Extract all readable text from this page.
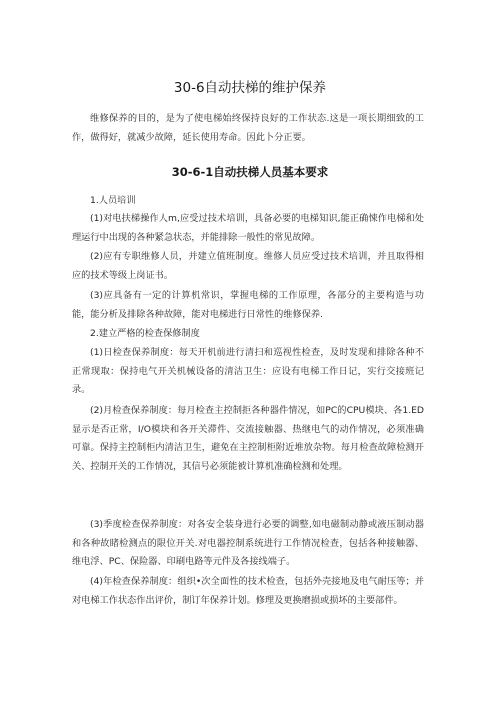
30-6自动扶梯的维护保养

维修保养的目的，是为了使电梯始终保持良好的工作状态.这是一项长期细致的工作，做得好，就减少故障，延长使用寿命。因此卜分正要。

30-6-1自动扶梯人员基本要求

1.人员培训

(1)对电扶梯操作人m,应受过技术培训，具备必要的电梯知识,能正确悚作电梯和处理运行中出现的各种紧急状态，并能排除一般性的常见故障。

(2)应有专职维修人员，并建立值班制度。维修人员应受过技术培训，并且取得相应的技术等级上岗证书。

(3)应具备有一定的计算机常识，掌握电梯的工作原理，各部分的主要构造与功能，能分析及排除各种故障，能对电梯进行日常性的维修保养.

2.建立严格的检查保修制度

(1)日检查保养制度：每天开机前进行清扫和巡视性检查，及时发现和排除各种不正常现取：保持电气开关机械设备的清洁卫生：应设有电梯工作日记，实行交接班记录。

(2)月检查保养制度：每月检查主控制拒各种器件情况，如PC的CPU模块、各1.ED显示是否正常，I/O模块和各开关滞件、交流接触器、热继电气的动作情况，必须准确可靠。保持主控制柜内清洁卫生，避免在主控制柜附近堆放杂物。每月检查故障检测开关、控制开关的工作情况，其信号必须能被计算机准确检测和处理。

(3)季度检查保养制度：对各安全装身进行必要的调整,如电磁制动静或液压制动器和各种故睹检测点的限位开关.对电器控制系统进行工作情况检查，包括各种接触器、维电浮、PC、保险器、印刷电路等元件及各接线端子。

(4)年检查保养制度：组织•次全面性的技术检查，包括外壳接地及电气耐压等；并对电梯工作状态作出评价，制订年保养计划。修理及更换磨损或损坏的主要部件。
